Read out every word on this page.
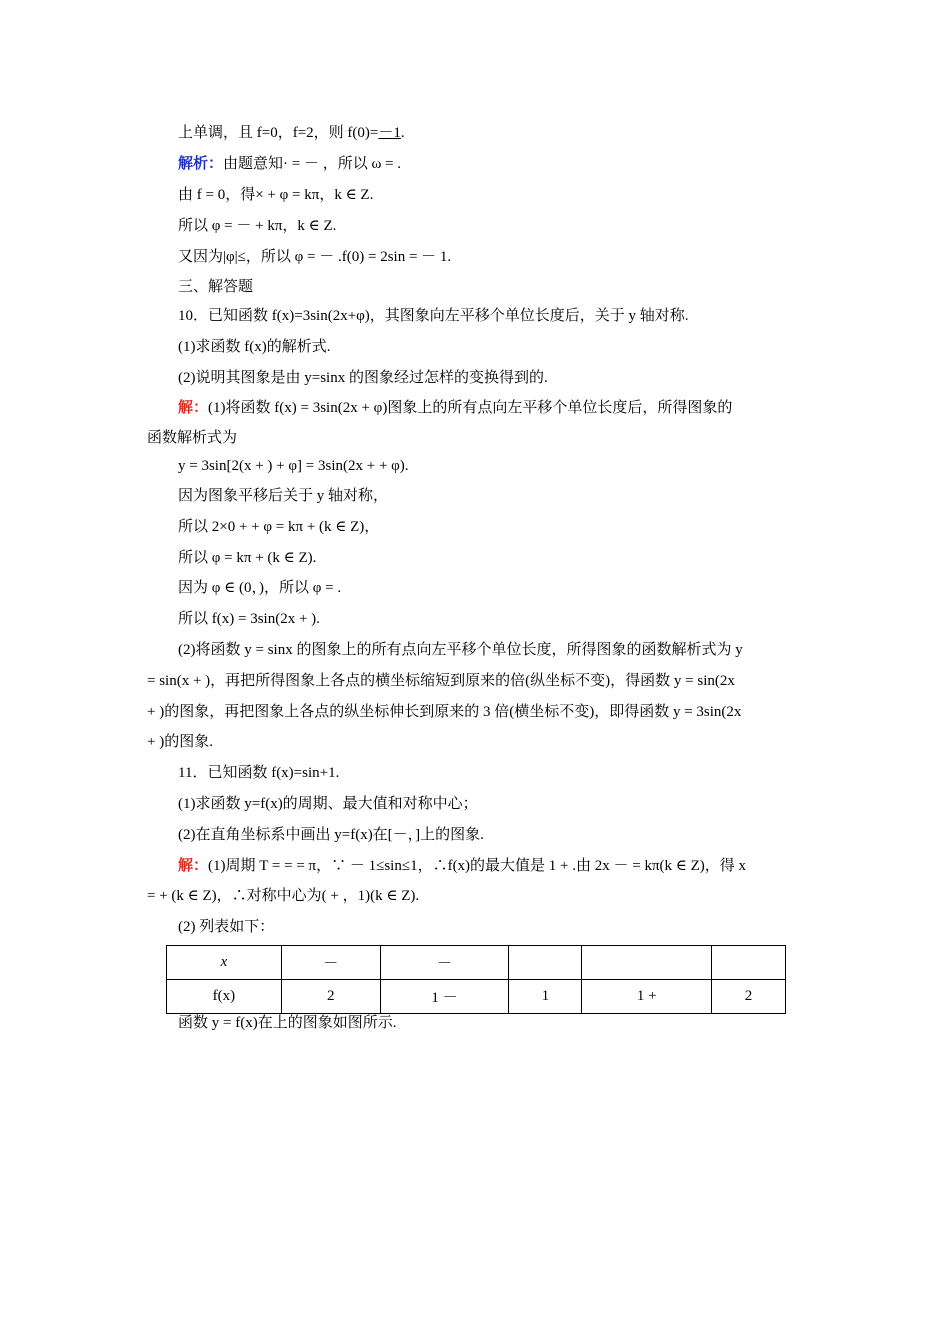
上单调，且 f=0，f=2，则 f(0)=－1.
解析：由题意知· = － ，所以 ω = .
由 f = 0，得× + φ = kπ，k ∈ Z.
所以 φ = － + kπ，k ∈ Z.
又因为|φ|≤，所以 φ = － .f(0) = 2sin = － 1.
三、解答题
10．已知函数 f(x)=3sin(2x+φ)，其图象向左平移个单位长度后，关于 y 轴对称.
(1)求函数 f(x)的解析式.
(2)说明其图象是由 y=sinx 的图象经过怎样的变换得到的.
解：(1)将函数 f(x) = 3sin(2x + φ)图象上的所有点向左平移个单位长度后，所得图象的
函数解析式为
y = 3sin[2(x + ) + φ] = 3sin(2x + + φ).
因为图象平移后关于 y 轴对称，
所以 2×0 + + φ = kπ + (k ∈ Z)，
所以 φ = kπ + (k ∈ Z).
因为 φ ∈ (0，)，所以 φ = .
所以 f(x) = 3sin(2x + ).
(2)将函数 y = sinx 的图象上的所有点向左平移个单位长度，所得图象的函数解析式为 y
= sin(x + )，再把所得图象上各点的横坐标缩短到原来的倍(纵坐标不变)，得函数 y = sin(2x
+ )的图象，再把图象上各点的纵坐标伸长到原来的 3 倍(横坐标不变)，即得函数 y = 3sin(2x
+ )的图象.
11．已知函数 f(x)=sin+1.
(1)求函数 y=f(x)的周期、最大值和对称中心；
(2)在直角坐标系中画出 y=f(x)在[－，]上的图象.
解：(1)周期 T = = = π，∵ － 1≤sin≤1，∴f(x)的最大值是 1 + .由 2x － = kπ(k ∈ Z)，得 x
= + (k ∈ Z)，∴对称中心为( + ，1)(k ∈ Z).
(2) 列表如下：
x	－	－			
f(x)	2	1 －	1	1 +	2
函数 y = f(x)在上的图象如图所示.
